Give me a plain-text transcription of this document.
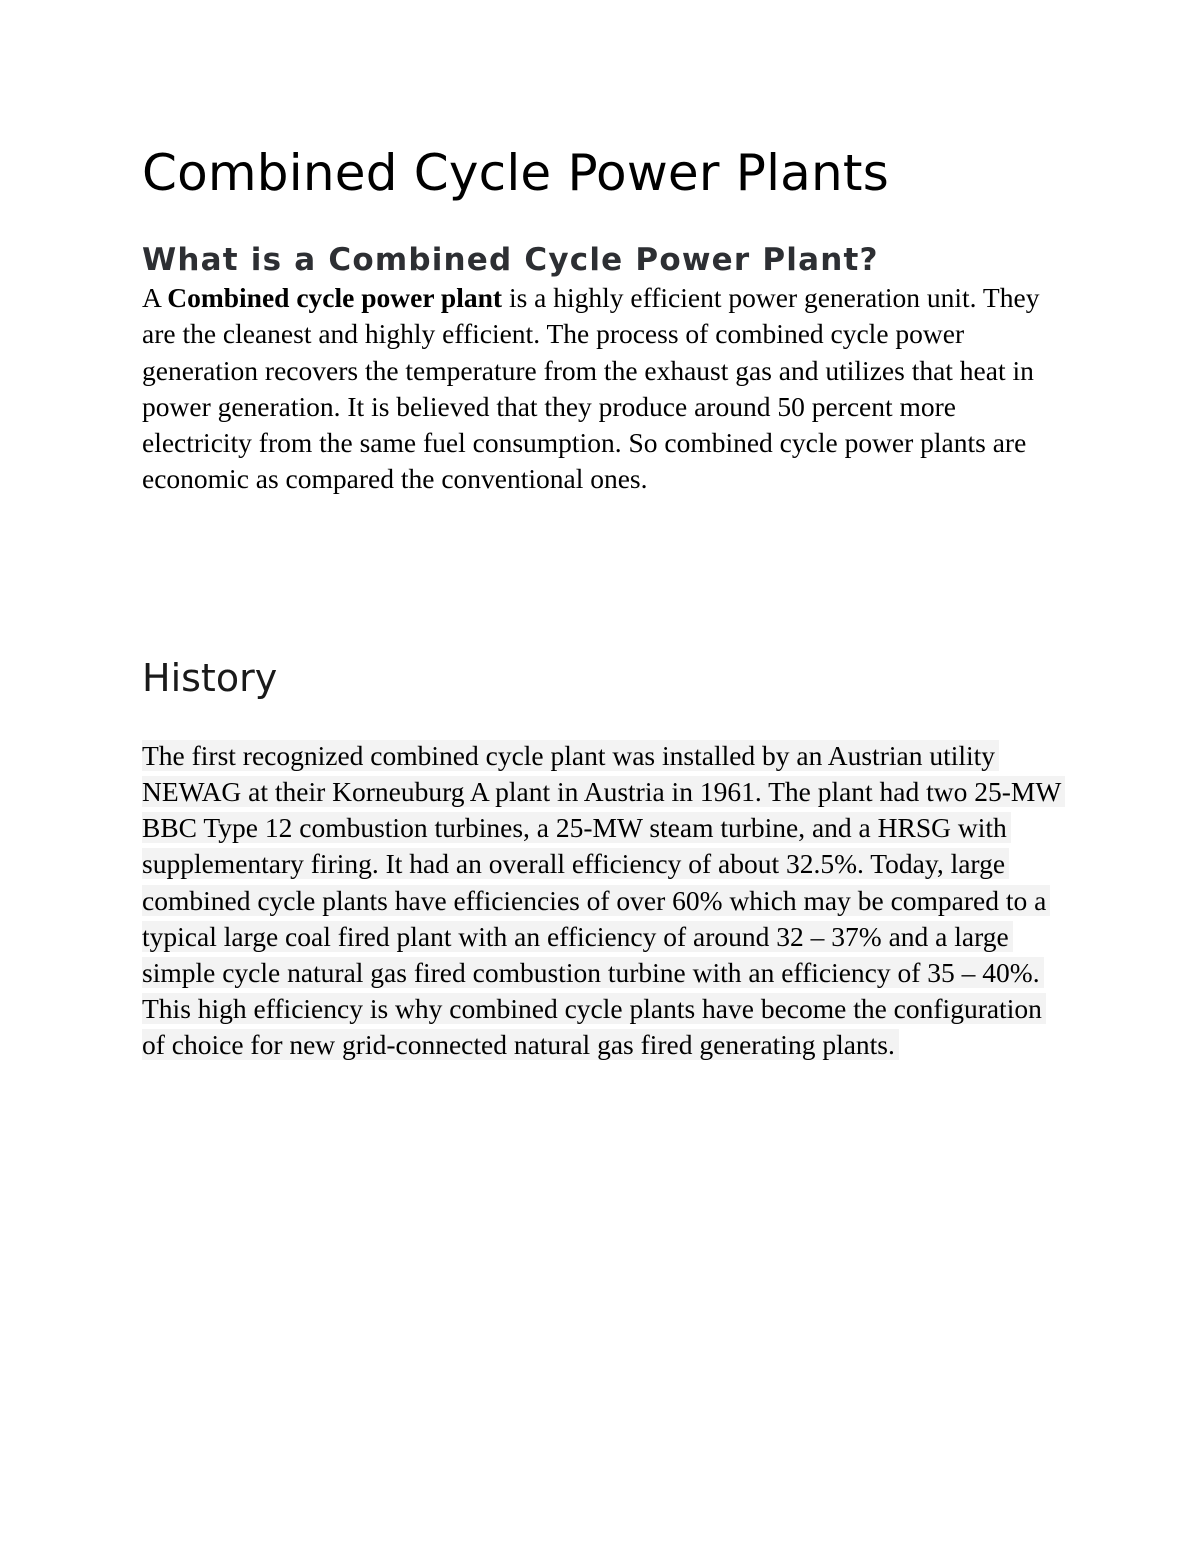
Combined Cycle Power Plants
What is a Combined Cycle Power Plant?

A Combined cycle power plant is a highly efficient power generation unit. They are the cleanest and highly efficient. The process of combined cycle power generation recovers the temperature from the exhaust gas and utilizes that heat in power generation. It is believed that they produce around 50 percent more electricity from the same fuel consumption. So combined cycle power plants are economic as compared the conventional ones.

History

The first recognized combined cycle plant was installed by an Austrian utility NEWAG at their Korneuburg A plant in Austria in 1961. The plant had two 25-MW BBC Type 12 combustion turbines, a 25-MW steam turbine, and a HRSG with supplementary firing. It had an overall efficiency of about 32.5%. Today, large combined cycle plants have efficiencies of over 60% which may be compared to a typical large coal fired plant with an efficiency of around 32 – 37% and a large simple cycle natural gas fired combustion turbine with an efficiency of 35 – 40%. This high efficiency is why combined cycle plants have become the configuration of choice for new grid-connected natural gas fired generating plants.
